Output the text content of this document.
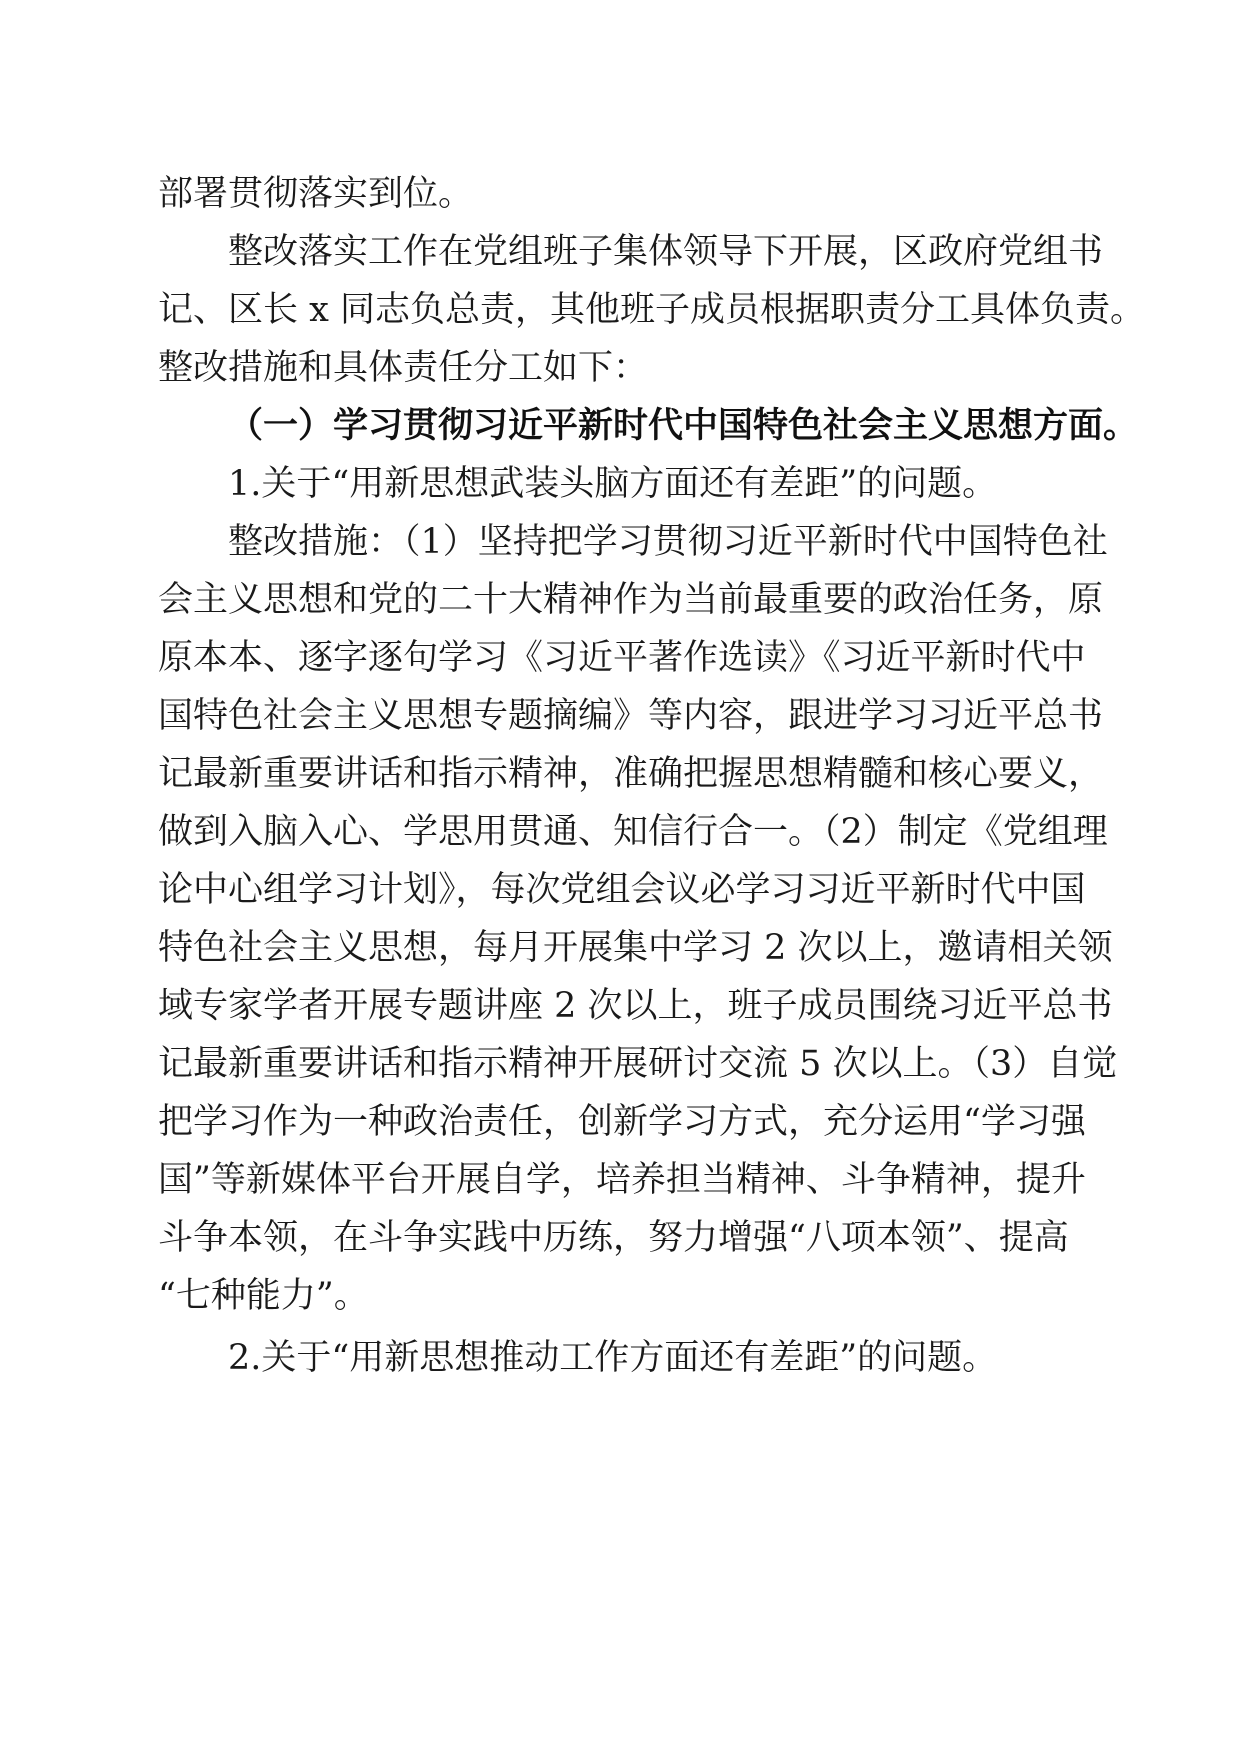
部署贯彻落实到位。

整改落实工作在党组班子集体领导下开展，区政府党组书

记、区长 x 同志负总责，其他班子成员根据职责分工具体负责。

整改措施和具体责任分工如下：

（一）学习贯彻习近平新时代中国特色社会主义思想方面。

1.关于“用新思想武装头脑方面还有差距”的问题。

整改措施：（1）坚持把学习贯彻习近平新时代中国特色社

会主义思想和党的二十大精神作为当前最重要的政治任务，原

原本本、逐字逐句学习《习近平著作选读》《习近平新时代中

国特色社会主义思想专题摘编》等内容，跟进学习习近平总书

记最新重要讲话和指示精神，准确把握思想精髓和核心要义，

做到入脑入心、学思用贯通、知信行合一。（2）制定《党组理

论中心组学习计划》，每次党组会议必学习习近平新时代中国

特色社会主义思想，每月开展集中学习 2 次以上，邀请相关领

域专家学者开展专题讲座 2 次以上，班子成员围绕习近平总书

记最新重要讲话和指示精神开展研讨交流 5 次以上。（3）自觉

把学习作为一种政治责任，创新学习方式，充分运用“学习强

国”等新媒体平台开展自学，培养担当精神、斗争精神，提升

斗争本领，在斗争实践中历练，努力增强“八项本领”、提高

“七种能力”。

2.关于“用新思想推动工作方面还有差距”的问题。
